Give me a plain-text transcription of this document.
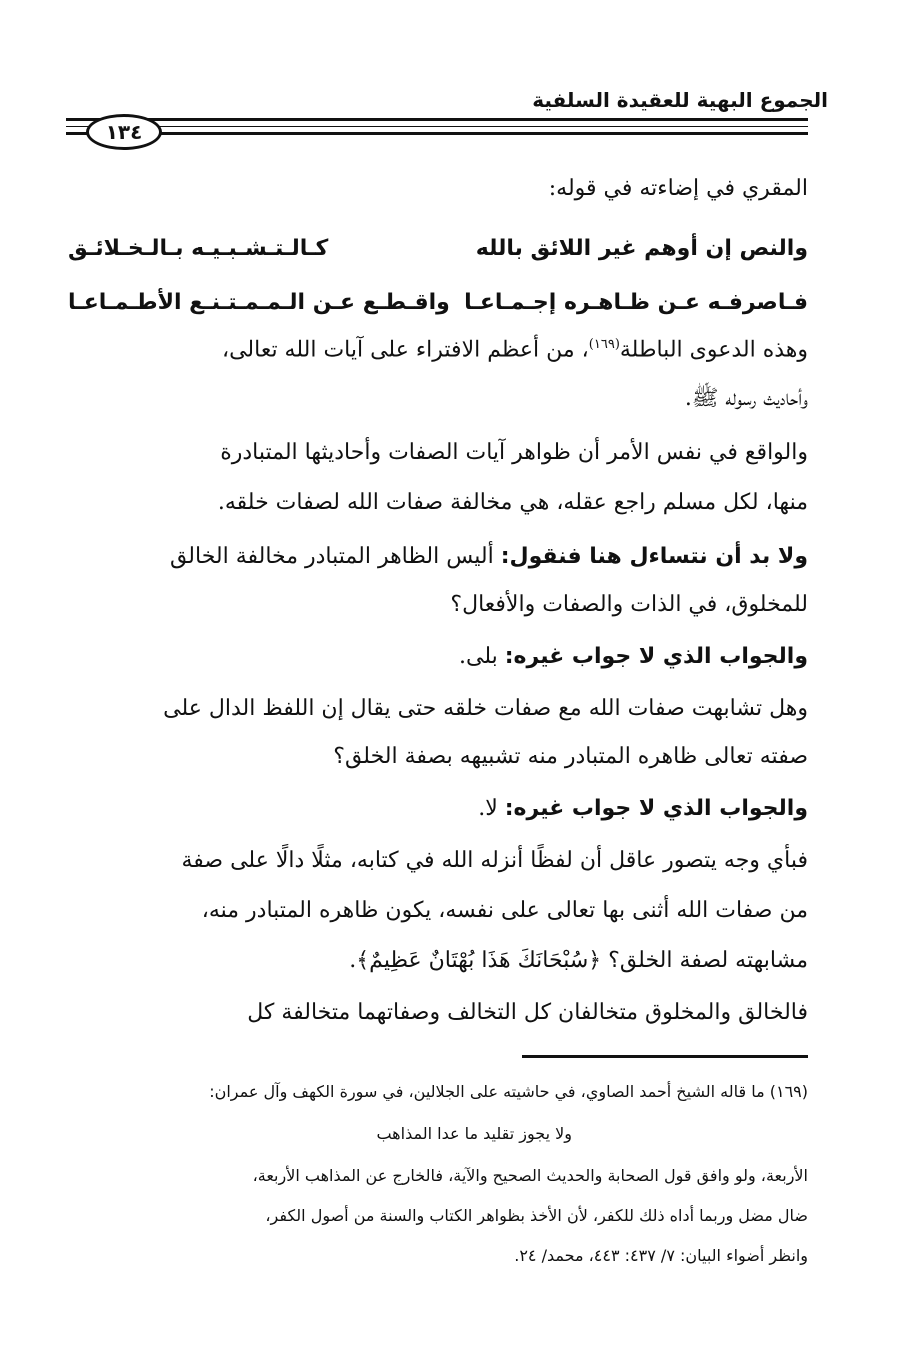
الجموع البهية للعقيدة السلفية
١٣٤
المقري في إضاءته في قوله:
والنص إن أوهم غير اللائق بالله
كـالـتـشـبـيـه بـالـخـلائـق
فـاصرفـه عـن ظـاهـره إجـمـاعـا
واقـطـع عـن الـمـمـتـنـع الأطـمـاعـا
وهذه الدعوى الباطلة$^{(١٦٩)}$، من أعظم الافتراء على آيات الله تعالى،
وأحاديث رسوله ﷺ.
والواقع في نفس الأمر أن ظواهر آيات الصفات وأحاديثها المتبادرة
منها، لكل مسلم راجع عقله، هي مخالفة صفات الله لصفات خلقه.
ولا بد أن نتساءل هنا فنقول: أليس الظاهر المتبادر مخالفة الخالق
للمخلوق، في الذات والصفات والأفعال؟
والجواب الذي لا جواب غيره: بلى.
وهل تشابهت صفات الله مع صفات خلقه حتى يقال إن اللفظ الدال على
صفته تعالى ظاهره المتبادر منه تشبيهه بصفة الخلق؟
والجواب الذي لا جواب غيره: لا.
فبأي وجه يتصور عاقل أن لفظًا أنزله الله في كتابه، مثلًا دالًا على صفة
من صفات الله أثنى بها تعالى على نفسه، يكون ظاهره المتبادر منه،
مشابهته لصفة الخلق؟ ﴿سُبْحَانَكَ هَذَا بُهْتَانٌ عَظِيمٌ﴾.
فالخالق والمخلوق متخالفان كل التخالف وصفاتهما متخالفة كل
(١٦٩) ما قاله الشيخ أحمد الصاوي، في حاشيته على الجلالين، في سورة الكهف وآل عمران:
ولا يجوز تقليد ما عدا المذاهب
الأربعة، ولو وافق قول الصحابة والحديث الصحيح والآية، فالخارج عن المذاهب الأربعة،
ضال مضل وربما أداه ذلك للكفر، لأن الأخذ بظواهر الكتاب والسنة من أصول الكفر،
وانظر أضواء البيان: ٧/ ٤٣٧: ٤٤٣، محمد/ ٢٤.
